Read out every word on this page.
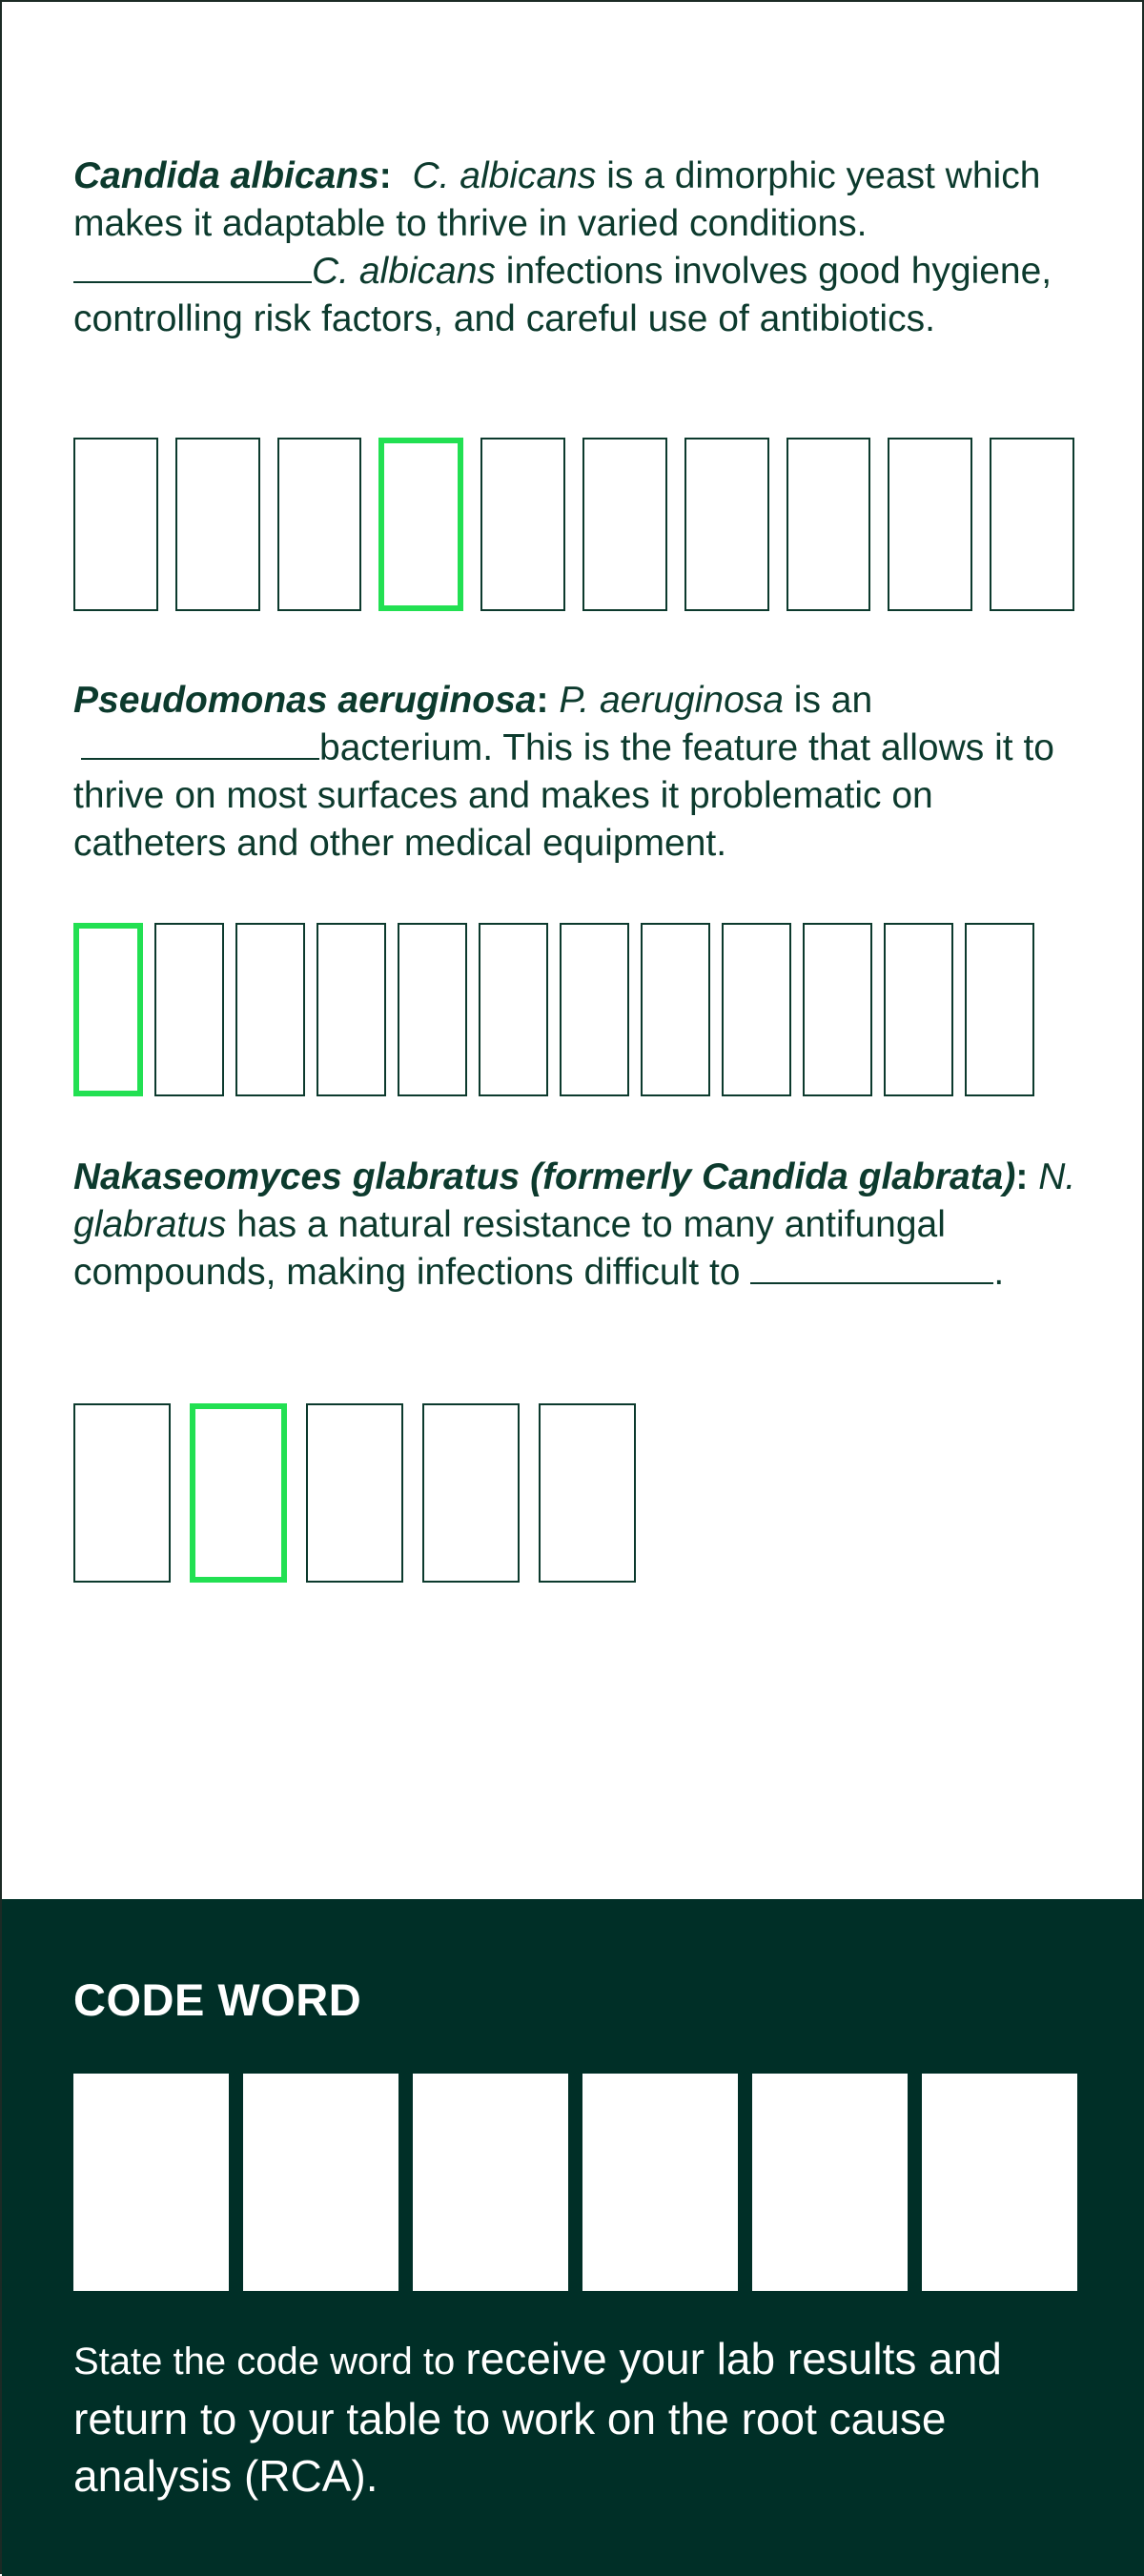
Candida albicans: C. albicans is a dimorphic yeast which makes it adaptable to thrive in varied conditions. C. albicans infections involves good hygiene, controlling risk factors, and careful use of antibiotics.
Pseudomonas aeruginosa: P. aeruginosa is an bacterium. This is the feature that allows it to thrive on most surfaces and makes it problematic on catheters and other medical equipment.
Nakaseomyces glabratus (formerly Candida glabrata): N. glabratus has a natural resistance to many antifungal compounds, making infections difficult to	.
CODE WORD
State the code word to receive your lab results and return to your table to work on the root cause analysis (RCA).
